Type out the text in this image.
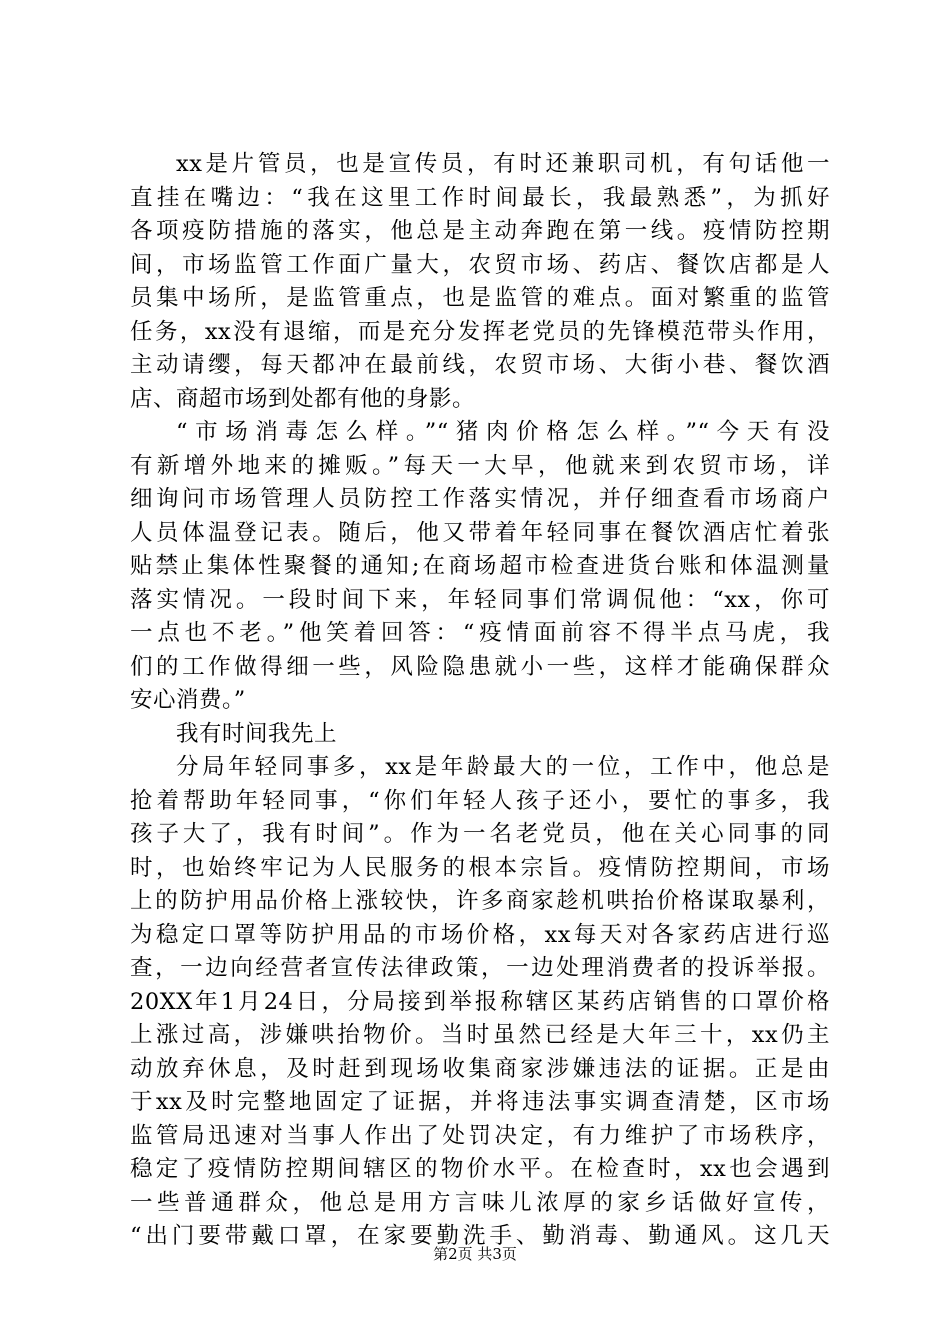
xx是片管员，也是宣传员，有时还兼职司机，有句话他一
直挂在嘴边：“我在这里工作时间最长，我最熟悉”，为抓好
各项疫防措施的落实，他总是主动奔跑在第一线。疫情防控期
间，市场监管工作面广量大，农贸市场、药店、餐饮店都是人
员集中场所，是监管重点，也是监管的难点。面对繁重的监管
任务，xx没有退缩，而是充分发挥老党员的先锋模范带头作用，
主动请缨，每天都冲在最前线，农贸市场、大街小巷、餐饮酒
店、商超市场到处都有他的身影。
“市场消毒怎么样。”“猪肉价格怎么样。”“今天有没
有新增外地来的摊贩。”每天一大早，他就来到农贸市场，详
细询问市场管理人员防控工作落实情况，并仔细查看市场商户
人员体温登记表。随后，他又带着年轻同事在餐饮酒店忙着张
贴禁止集体性聚餐的通知;在商场超市检查进货台账和体温测量
落实情况。一段时间下来，年轻同事们常调侃他：“xx，你可
一点也不老。”他笑着回答：“疫情面前容不得半点马虎，我
们的工作做得细一些，风险隐患就小一些，这样才能确保群众
安心消费。”
我有时间我先上
分局年轻同事多，xx是年龄最大的一位，工作中，他总是
抢着帮助年轻同事，“你们年轻人孩子还小，要忙的事多，我
孩子大了，我有时间”。作为一名老党员，他在关心同事的同
时，也始终牢记为人民服务的根本宗旨。疫情防控期间，市场
上的防护用品价格上涨较快，许多商家趁机哄抬价格谋取暴利，
为稳定口罩等防护用品的市场价格，xx每天对各家药店进行巡
查，一边向经营者宣传法律政策，一边处理消费者的投诉举报。
20XX年1月24日，分局接到举报称辖区某药店销售的口罩价格
上涨过高，涉嫌哄抬物价。当时虽然已经是大年三十，xx仍主
动放弃休息，及时赶到现场收集商家涉嫌违法的证据。正是由
于xx及时完整地固定了证据，并将违法事实调查清楚，区市场
监管局迅速对当事人作出了处罚决定，有力维护了市场秩序，
稳定了疫情防控期间辖区的物价水平。在检查时，xx也会遇到
一些普通群众，他总是用方言味儿浓厚的家乡话做好宣传，
“出门要带戴口罩，在家要勤洗手、勤消毒、勤通风。这几天
第2页 共3页
